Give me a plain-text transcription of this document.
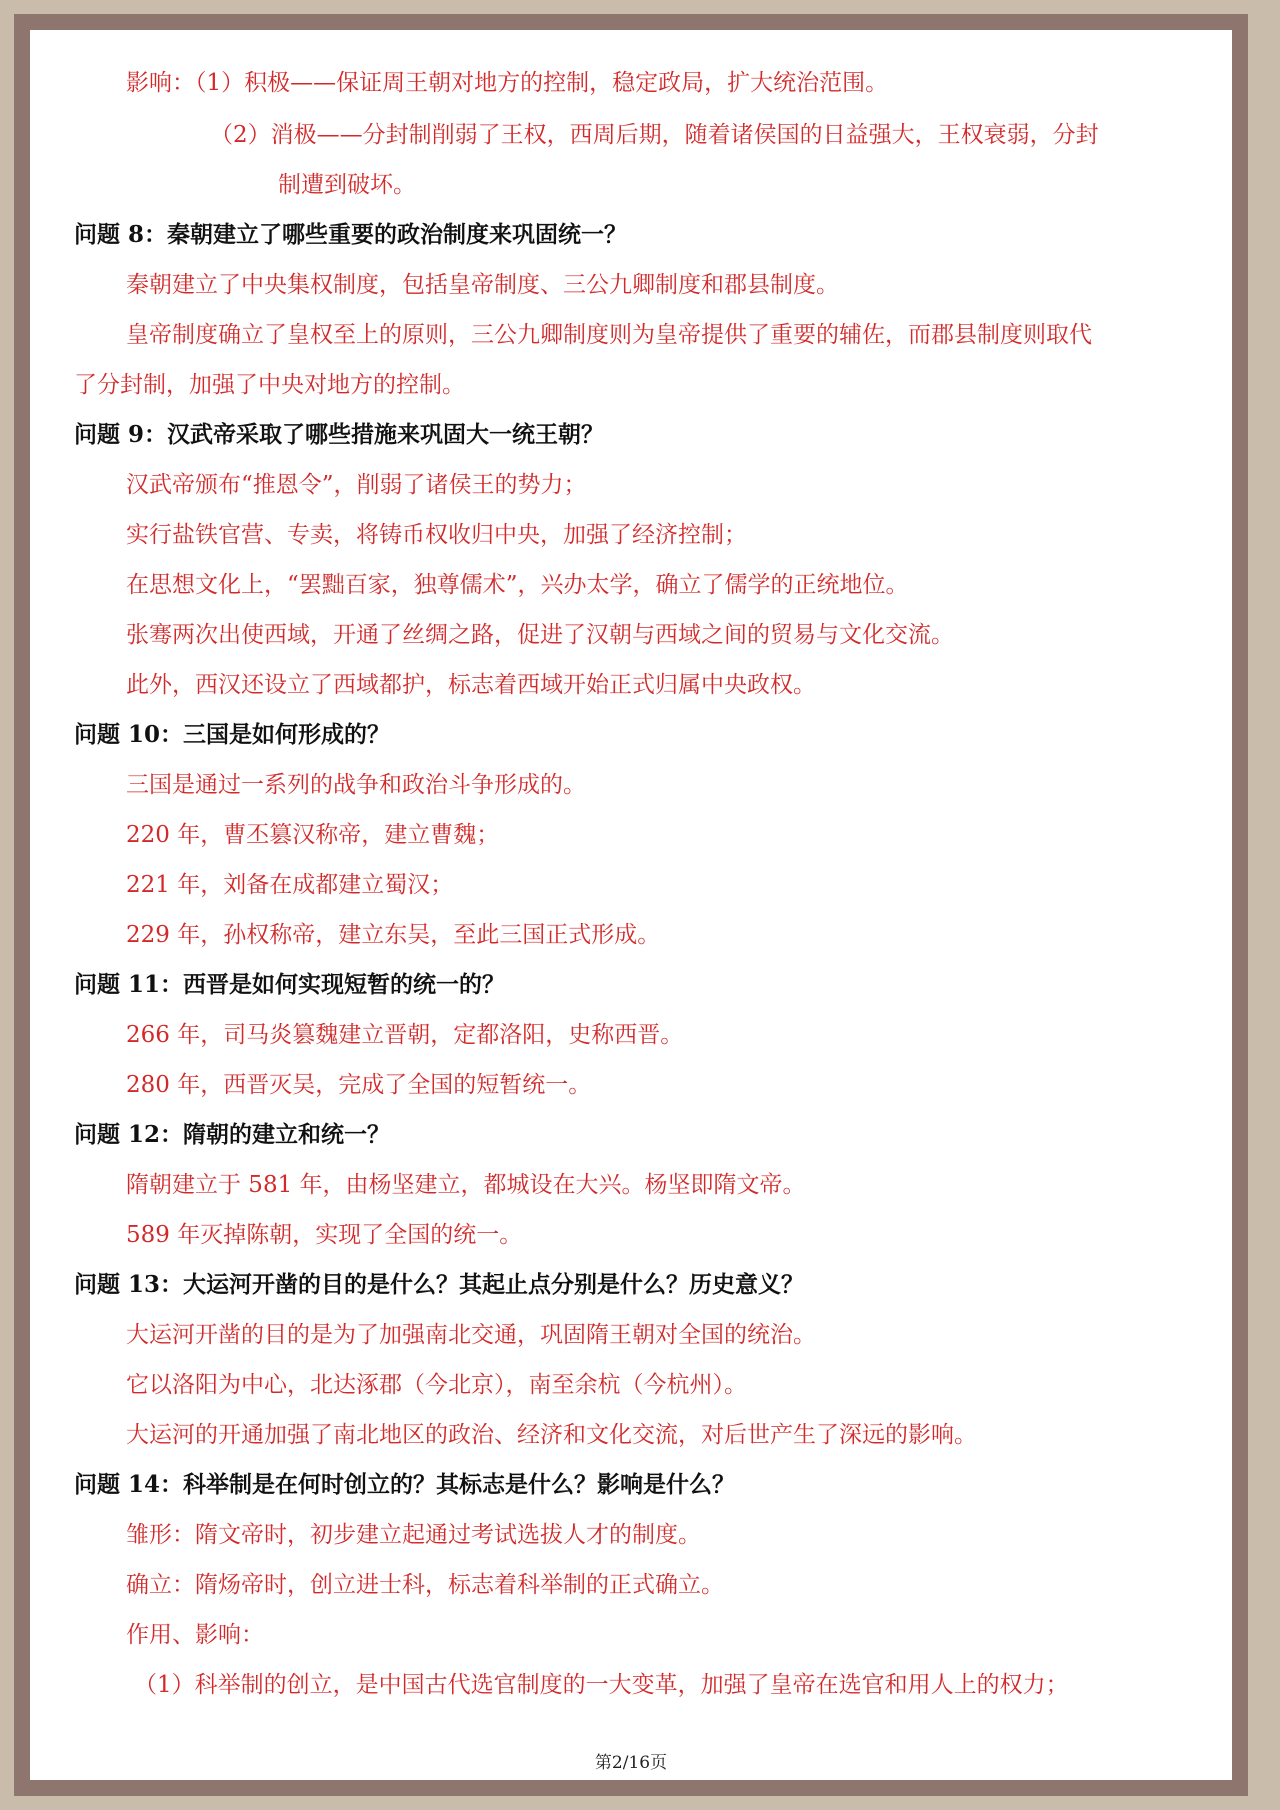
影响：（1）积极——保证周王朝对地方的控制，稳定政局，扩大统治范围。
（2）消极——分封制削弱了王权，西周后期，随着诸侯国的日益强大，王权衰弱，分封
制遭到破坏。
问题 8：秦朝建立了哪些重要的政治制度来巩固统一？
秦朝建立了中央集权制度，包括皇帝制度、三公九卿制度和郡县制度。
皇帝制度确立了皇权至上的原则，三公九卿制度则为皇帝提供了重要的辅佐，而郡县制度则取代
了分封制，加强了中央对地方的控制。
问题 9：汉武帝采取了哪些措施来巩固大一统王朝？
汉武帝颁布“推恩令”，削弱了诸侯王的势力；
实行盐铁官营、专卖，将铸币权收归中央，加强了经济控制；
在思想文化上，“罢黜百家，独尊儒术”，兴办太学，确立了儒学的正统地位。
张骞两次出使西域，开通了丝绸之路，促进了汉朝与西域之间的贸易与文化交流。
此外，西汉还设立了西域都护，标志着西域开始正式归属中央政权。
问题 10：三国是如何形成的？
三国是通过一系列的战争和政治斗争形成的。
220 年，曹丕篡汉称帝，建立曹魏；
221 年，刘备在成都建立蜀汉；
229 年，孙权称帝，建立东吴，至此三国正式形成。
问题 11：西晋是如何实现短暂的统一的？
266 年，司马炎篡魏建立晋朝，定都洛阳，史称西晋。
280 年，西晋灭吴，完成了全国的短暂统一。
问题 12：隋朝的建立和统一？
隋朝建立于 581 年，由杨坚建立，都城设在大兴。杨坚即隋文帝。
589 年灭掉陈朝，实现了全国的统一。
问题 13：大运河开凿的目的是什么？其起止点分别是什么？历史意义？
大运河开凿的目的是为了加强南北交通，巩固隋王朝对全国的统治。
它以洛阳为中心，北达涿郡（今北京），南至余杭（今杭州）。
大运河的开通加强了南北地区的政治、经济和文化交流，对后世产生了深远的影响。
问题 14：科举制是在何时创立的？其标志是什么？影响是什么？
雏形：隋文帝时，初步建立起通过考试选拔人才的制度。
确立：隋炀帝时，创立进士科，标志着科举制的正式确立。
作用、影响：
（1）科举制的创立，是中国古代选官制度的一大变革，加强了皇帝在选官和用人上的权力；
第2/16页
